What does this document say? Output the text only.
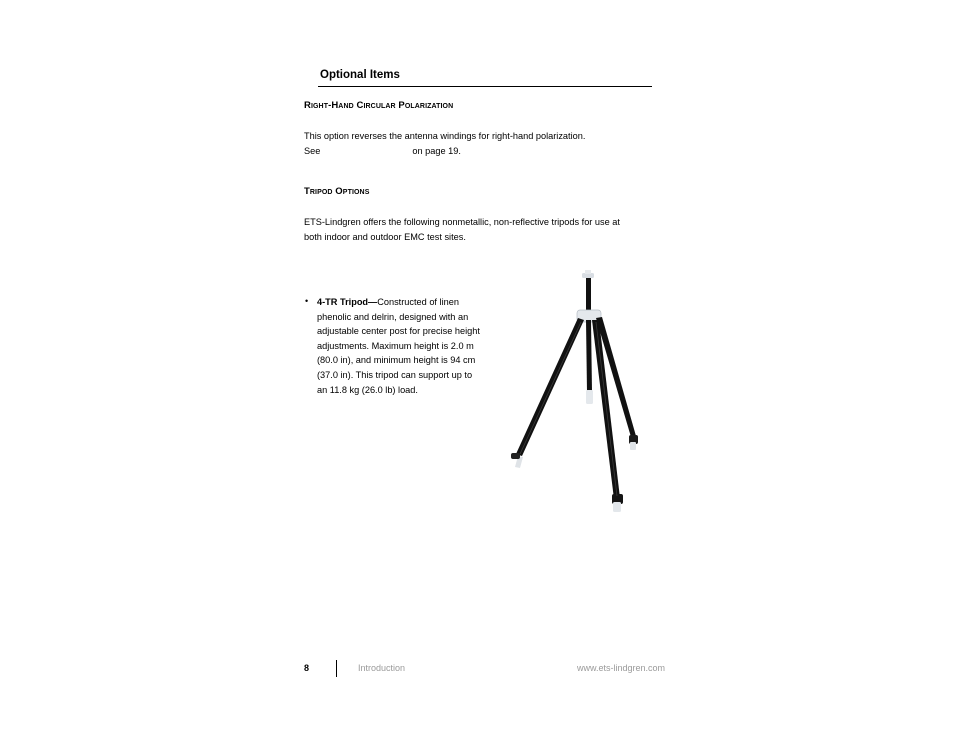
Optional Items
Right-Hand Circular Polarization
This option reverses the antenna windings for right-hand polarization.
See	on page 19.
Tripod Options
ETS-Lindgren offers the following nonmetallic, non-reflective tripods for use at
both indoor and outdoor EMC test sites.
• 4-TR Tripod—Constructed of linen
phenolic and delrin, designed with an
adjustable center post for precise height
adjustments. Maximum height is 2.0 m
(80.0 in), and minimum height is 94 cm
(37.0 in). This tripod can support up to
an 11.8 kg (26.0 lb) load.
8	Introduction	www.ets-lindgren.com
